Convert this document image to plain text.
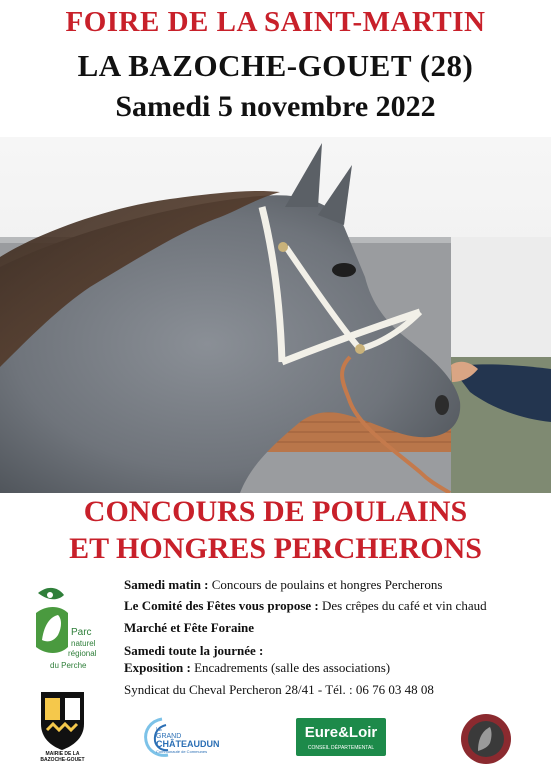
FOIRE DE LA SAINT-MARTIN
LA BAZOCHE-GOUET (28)
Samedi 5 novembre 2022
CONCOURS DE POULAINS
ET HONGRES PERCHERONS
Samedi matin : Concours de poulains et hongres Percherons
Le Comité des Fêtes vous propose : Des crêpes du café et vin chaud
Marché et Fête Foraine
Samedi toute la journée :
Exposition : Encadrements (salle des associations)
Syndicat du Cheval Percheron 28/41 - Tél. : 06 76 03 48 08
Parc
naturel
régional
du Perche
MAIRIE DE LA
BAZOCHE-GOUET
LE
GRAND
CHÂTEAUDUN
Communauté de Communes
Eure&Loir
CONSEIL DÉPARTEMENTAL
